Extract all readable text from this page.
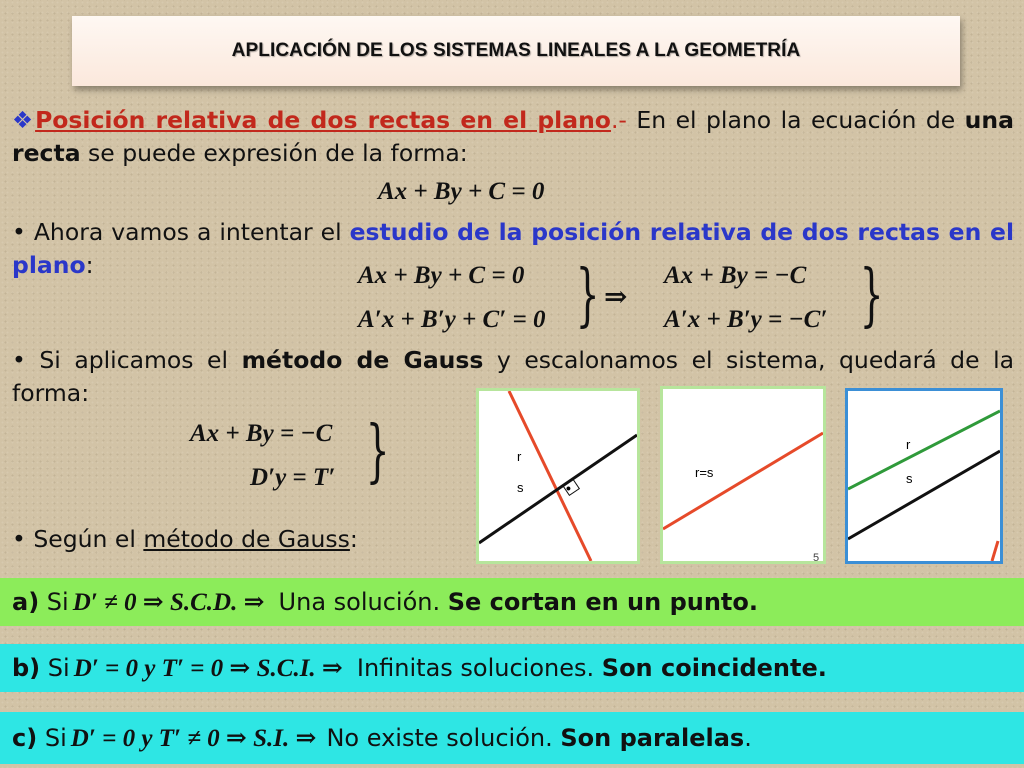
APLICACIÓN DE LOS SISTEMAS LINEALES A LA GEOMETRÍA
❖Posición relativa de dos rectas en el plano.- En el plano la ecuación de una recta se puede expresión de la forma:
Ax + By + C = 0
• Ahora vamos a intentar el estudio de la posición relativa de dos rectas en el plano:	Ax + By + C = 0
A′x + B′y + C′ = 0 } ⇒
Ax + By = −C
A′x + B′y = −C′ }
• Si aplicamos el método de Gauss y escalonamos el sistema, quedará de la forma:
Ax + By = −C
D′y = T′ }
• Según el método de Gauss:
•
r
s
r=s
5
r
s
a) Si D′ ≠ 0 ⇒ S.C.D. ⇒ Una solución. Se cortan en un punto.
b) Si D′ = 0 y T′ = 0 ⇒ S.C.I. ⇒ Infinitas soluciones. Son coincidente.
c) Si D′ = 0 y T′ ≠ 0 ⇒ S.I. ⇒ No existe solución. Son paralelas.
